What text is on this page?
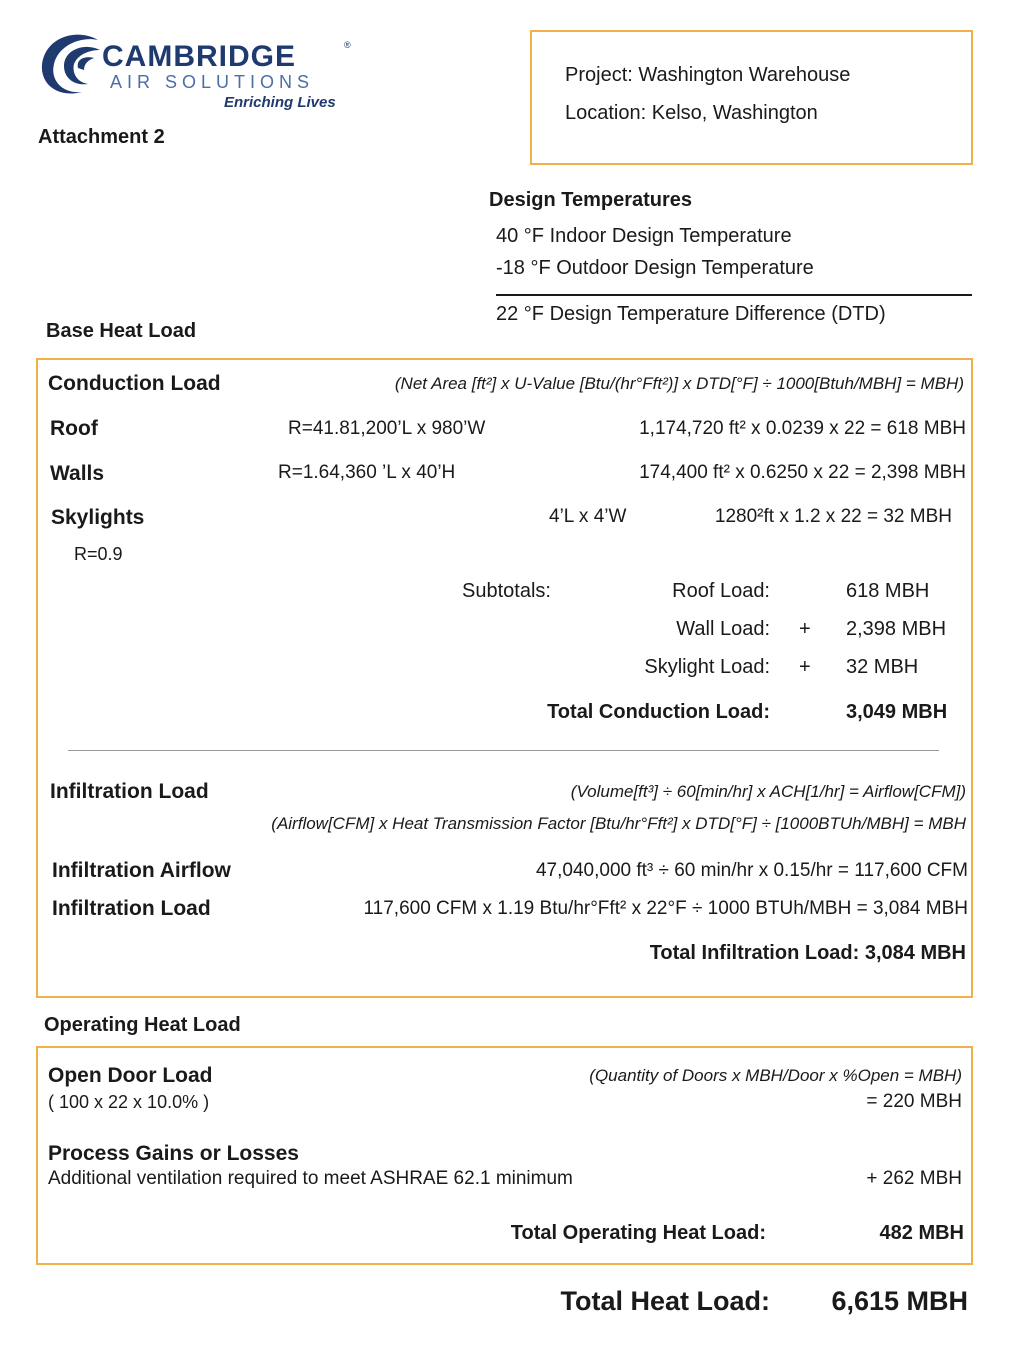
CAMBRIDGE	®
AIR SOLUTIONS
Enriching Lives
Attachment 2
Project: Washington Warehouse
Location: Kelso, Washington
Design Temperatures
40 °F Indoor Design Temperature
-18 °F Outdoor Design Temperature
22 °F Design Temperature Difference (DTD)
Base Heat Load
Conduction Load	(Net Area [ft²] x U-Value [Btu/(hr°Fft²)] x DTD[°F] ÷ 1000[Btuh/MBH] = MBH)
Roof	R=41.81,200’L x 980’W	1,174,720 ft² x 0.0239 x 22 = 618 MBH
Walls	R=1.64,360 ’L x 40’H	174,400 ft² x 0.6250 x 22 = 2,398 MBH
Skylights	4’L x 4’W	1280²ft x 1.2 x 22 = 32 MBH
R=0.9
Subtotals:	Roof Load:	618 MBH
Wall Load: + 2,398 MBH
Skylight Load: + 32 MBH
Total Conduction Load:	3,049 MBH
Infiltration Load	(Volume[ft³] ÷ 60[min/hr] x ACH[1/hr] = Airflow[CFM])
(Airflow[CFM] x Heat Transmission Factor [Btu/hr°Fft²] x DTD[°F] ÷ [1000BTUh/MBH] = MBH
Infiltration Airflow	47,040,000 ft³ ÷ 60 min/hr x 0.15/hr = 117,600 CFM
Infiltration Load	117,600 CFM x 1.19 Btu/hr°Fft² x 22°F ÷ 1000 BTUh/MBH = 3,084 MBH
Total Infiltration Load: 3,084 MBH
Operating Heat Load
Open Door Load	(Quantity of Doors x MBH/Door x %Open = MBH)
( 100 x 22 x 10.0% )	= 220 MBH
Process Gains or Losses
Additional ventilation required to meet ASHRAE 62.1 minimum	+ 262 MBH
Total Operating Heat Load:	482 MBH
Total Heat Load: 6,615 MBH
